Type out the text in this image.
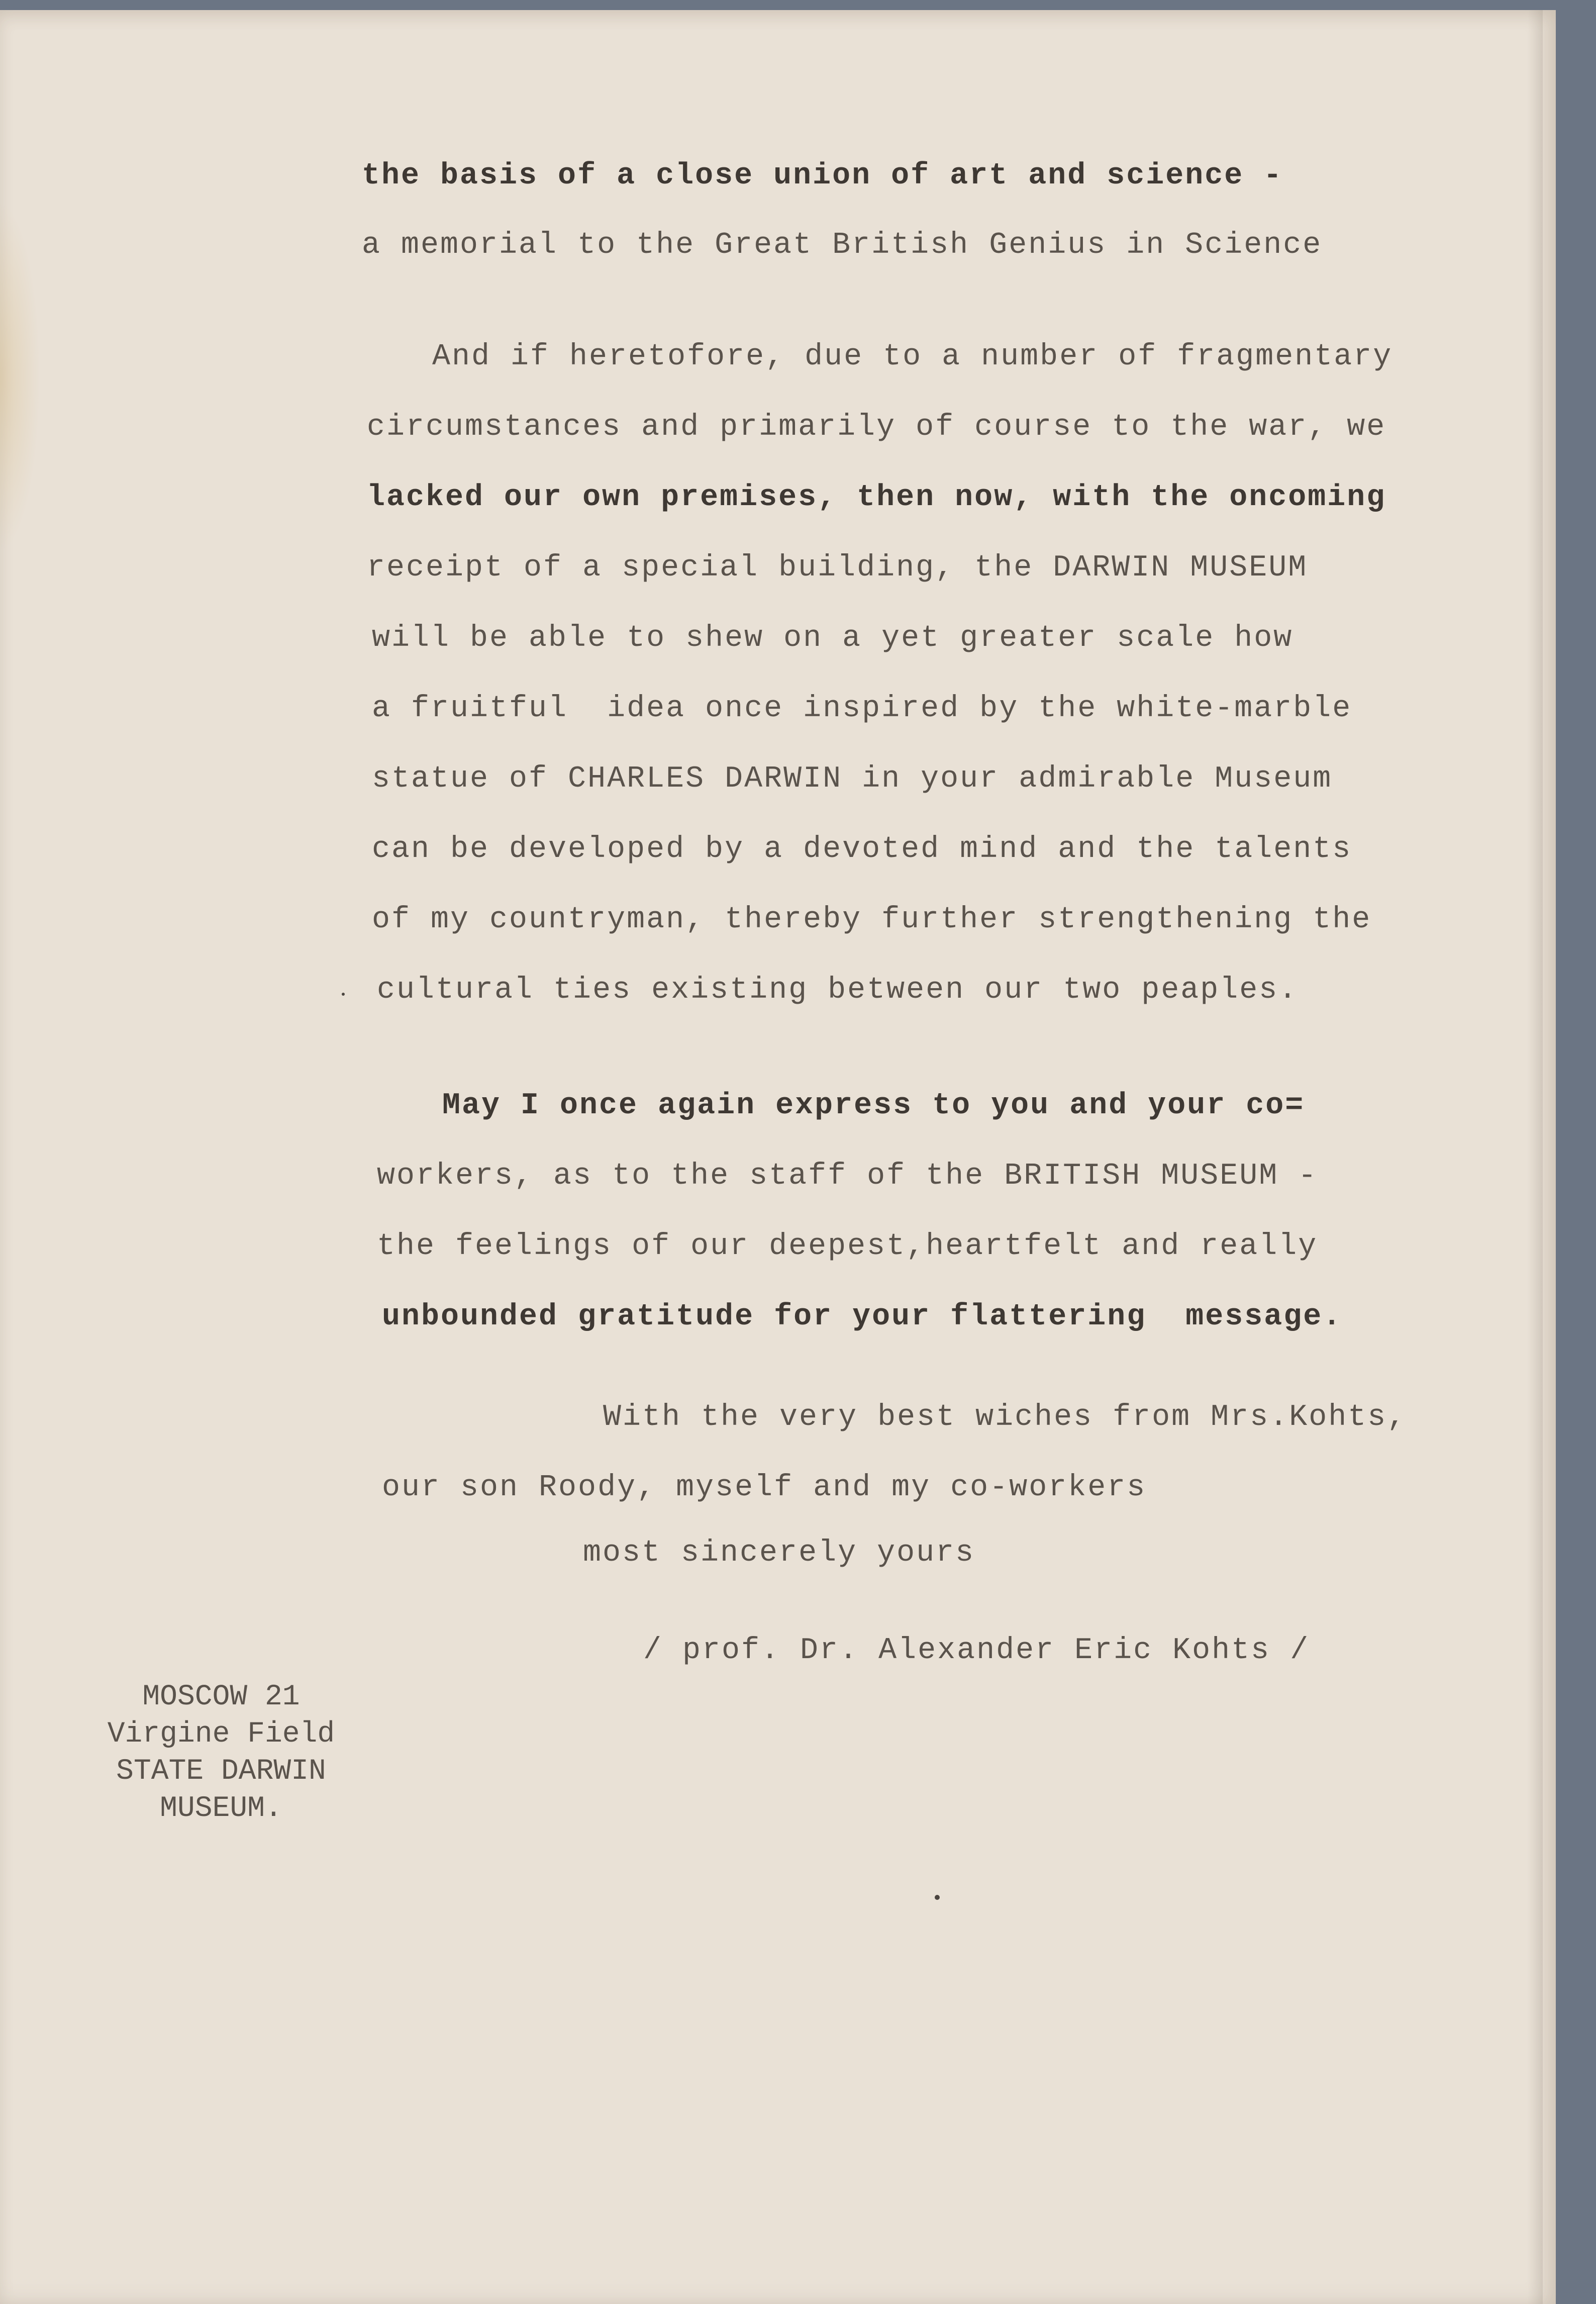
the basis of a close union of art and science -
a memorial to the Great British Genius in Science
And if heretofore, due to a number of fragmentary
circumstances and primarily of course to the war, we
lacked our own premises, then now, with the oncoming
receipt of a special building, the DARWIN MUSEUM
will be able to shew on a yet greater scale how
a fruitful  idea once inspired by the white-marble
statue of CHARLES DARWIN in your admirable Museum
can be developed by a devoted mind and the talents
of my countryman, thereby further strengthening the
cultural ties existing between our two peaples.
May I once again express to you and your co=
workers, as to the staff of the BRITISH MUSEUM -
the feelings of our deepest,heartfelt and really
unbounded gratitude for your flattering  message.
With the very best wiches from Mrs.Kohts,
our son Roody, myself and my co-workers
most sincerely yours
/ prof. Dr. Alexander Eric Kohts /
MOSCOW 21
Virgine Field
STATE DARWIN
MUSEUM.
